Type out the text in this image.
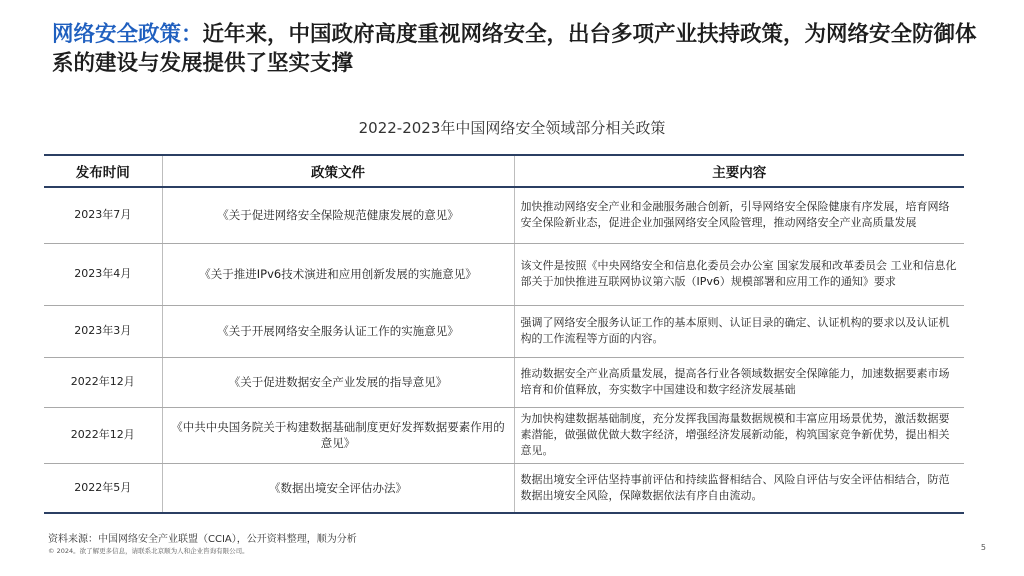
网络安全政策：近年来，中国政府高度重视网络安全，出台多项产业扶持政策，为网络安全防御体系的建设与发展提供了坚实支撑
2022-2023年中国网络安全领域部分相关政策
发布时间	政策文件	主要内容
2023年7月	《关于促进网络安全保险规范健康发展的意见》	加快推动网络安全产业和金融服务融合创新，引导网络安全保险健康有序发展，培育网络安全保险新业态，促进企业加强网络安全风险管理，推动网络安全产业高质量发展
2023年4月	《关于推进IPv6技术演进和应用创新发展的实施意见》	该文件是按照《中央网络安全和信息化委员会办公室 国家发展和改革委员会 工业和信息化部关于加快推进互联网协议第六版（IPv6）规模部署和应用工作的通知》要求
2023年3月	《关于开展网络安全服务认证工作的实施意见》	强调了网络安全服务认证工作的基本原则、认证目录的确定、认证机构的要求以及认证机构的工作流程等方面的内容。
2022年12月	《关于促进数据安全产业发展的指导意见》	推动数据安全产业高质量发展，提高各行业各领域数据安全保障能力，加速数据要素市场培育和价值释放，夯实数字中国建设和数字经济发展基础
2022年12月	《中共中央国务院关于构建数据基础制度更好发挥数据要素作用的意见》	为加快构建数据基础制度，充分发挥我国海量数据规模和丰富应用场景优势，激活数据要素潜能，做强做优做大数字经济，增强经济发展新动能，构筑国家竞争新优势，提出相关意见。
2022年5月	《数据出境安全评估办法》	数据出境安全评估坚持事前评估和持续监督相结合、风险自评估与安全评估相结合，防范数据出境安全风险，保障数据依法有序自由流动。
资料来源：中国网络安全产业联盟（CCIA），公开资料整理，顺为分析
© 2024。欲了解更多信息，请联系北京顺为人和企业咨询有限公司。	5
